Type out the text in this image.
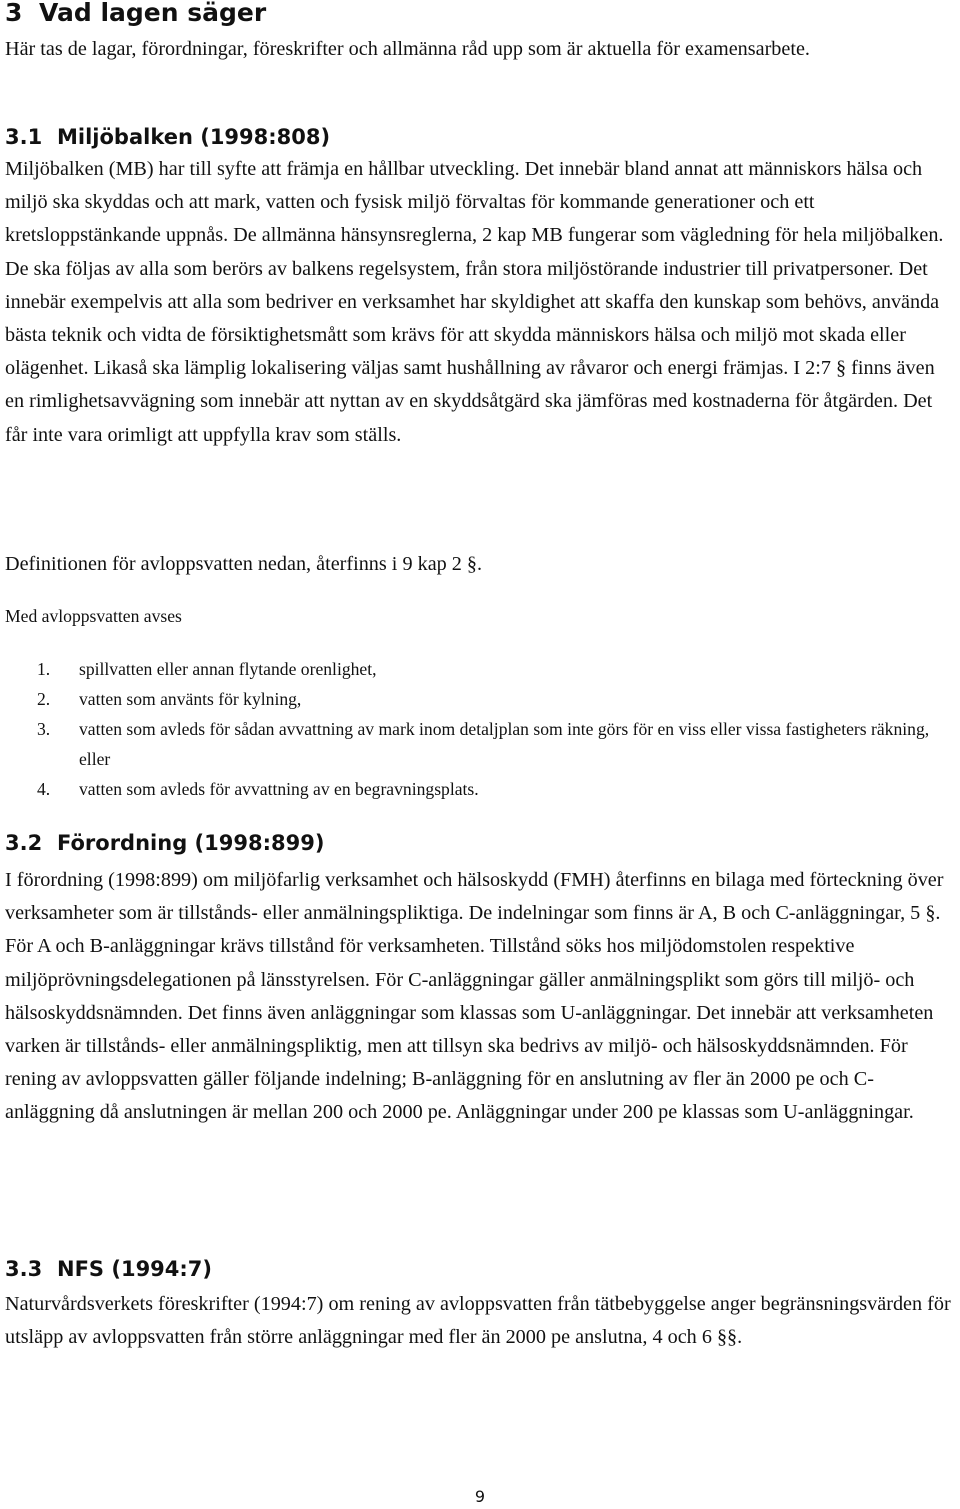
3 Vad lagen säger

Här tas de lagar, förordningar, föreskrifter och allmänna råd upp som är aktuella för examensarbete.

3.1 Miljöbalken (1998:808)

Miljöbalken (MB) har till syfte att främja en hållbar utveckling. Det innebär bland annat att människors hälsa och miljö ska skyddas och att mark, vatten och fysisk miljö förvaltas för kommande generationer och ett kretsloppstänkande uppnås. De allmänna hänsynsreglerna, 2 kap MB fungerar som vägledning för hela miljöbalken. De ska följas av alla som berörs av balkens regelsystem, från stora miljöstörande industrier till privatpersoner. Det innebär exempelvis att alla som bedriver en verksamhet har skyldighet att skaffa den kunskap som behövs, använda bästa teknik och vidta de försiktighetsmått som krävs för att skydda människors hälsa och miljö mot skada eller olägenhet. Likaså ska lämplig lokalisering väljas samt hushållning av råvaror och energi främjas. I 2:7 § finns även en rimlighetsavvägning som innebär att nyttan av en skyddsåtgärd ska jämföras med kostnaderna för åtgärden. Det får inte vara orimligt att uppfylla krav som ställs.

Definitionen för avloppsvatten nedan, återfinns i 9 kap 2 §.

Med avloppsvatten avses

1. spillvatten eller annan flytande orenlighet,
2. vatten som använts för kylning,
3. vatten som avleds för sådan avvattning av mark inom detaljplan som inte görs för en viss eller vissa fastigheters räkning, eller
4. vatten som avleds för avvattning av en begravningsplats.
3.2 Förordning (1998:899)

I förordning (1998:899) om miljöfarlig verksamhet och hälsoskydd (FMH) återfinns en bilaga med förteckning över verksamheter som är tillstånds- eller anmälningspliktiga. De indelningar som finns är A, B och C-anläggningar, 5 §. För A och B-anläggningar krävs tillstånd för verksamheten. Tillstånd söks hos miljödomstolen respektive miljöprövningsdelegationen på länsstyrelsen. För C-anläggningar gäller anmälningsplikt som görs till miljö- och hälsoskyddsnämnden. Det finns även anläggningar som klassas som U-anläggningar. Det innebär att verksamheten varken är tillstånds- eller anmälningspliktig, men att tillsyn ska bedrivs av miljö- och hälsoskyddsnämnden. För rening av avloppsvatten gäller följande indelning; B-anläggning för en anslutning av fler än 2000 pe och C-anläggning då anslutningen är mellan 200 och 2000 pe. Anläggningar under 200 pe klassas som U-anläggningar.

3.3 NFS (1994:7)

Naturvårdsverkets föreskrifter (1994:7) om rening av avloppsvatten från tätbebyggelse anger begränsningsvärden för utsläpp av avloppsvatten från större anläggningar med fler än 2000 pe anslutna, 4 och 6 §§.

9
